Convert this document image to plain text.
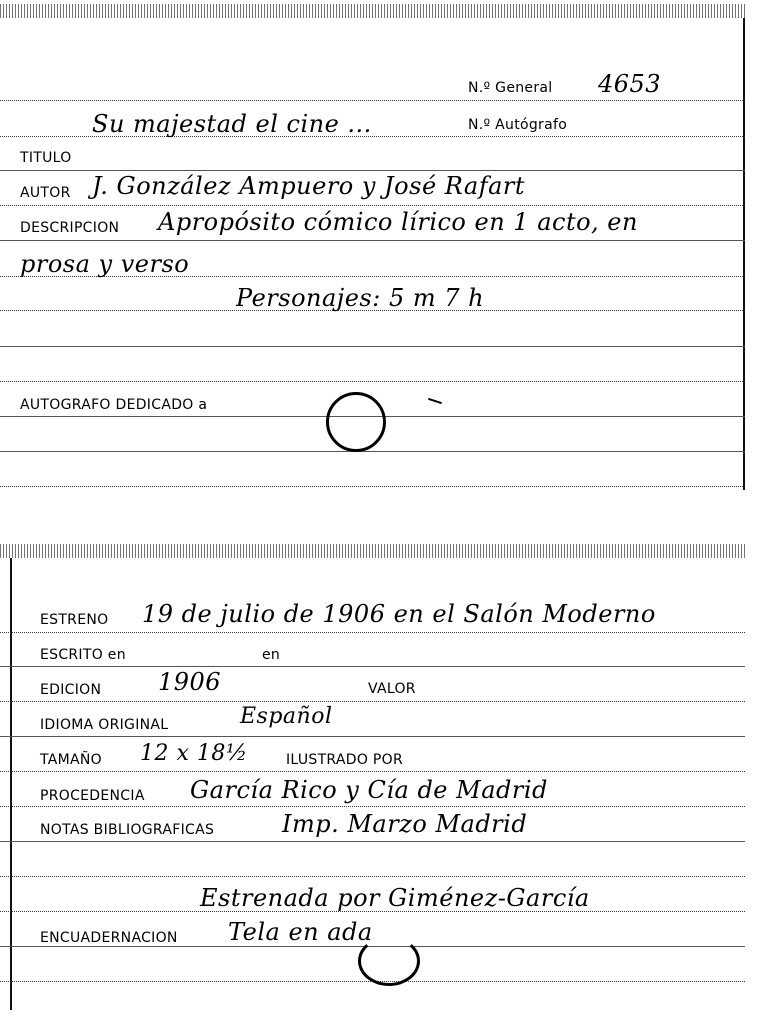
N.º General 4653
Su majestad el cine ...	N.º Autógrafo
TITULO
AUTOR J. González Ampuero y José Rafart
DESCRIPCION Apropósito cómico lírico en 1 acto, en
prosa y verso
Personajes: 5 m 7 h
AUTOGRAFO DEDICADO a
ESTRENO 19 de julio de 1906 en el Salón Moderno
ESCRITO en	en
EDICION 1906	VALOR
IDIOMA ORIGINAL	Español
TAMAÑO 12 x 18½	ILUSTRADO POR
PROCEDENCIA García Rico y Cía de Madrid
NOTAS BIBLIOGRAFICAS	Imp. Marzo Madrid
Estrenada por Giménez-García
ENCUADERNACION Tela en ada
